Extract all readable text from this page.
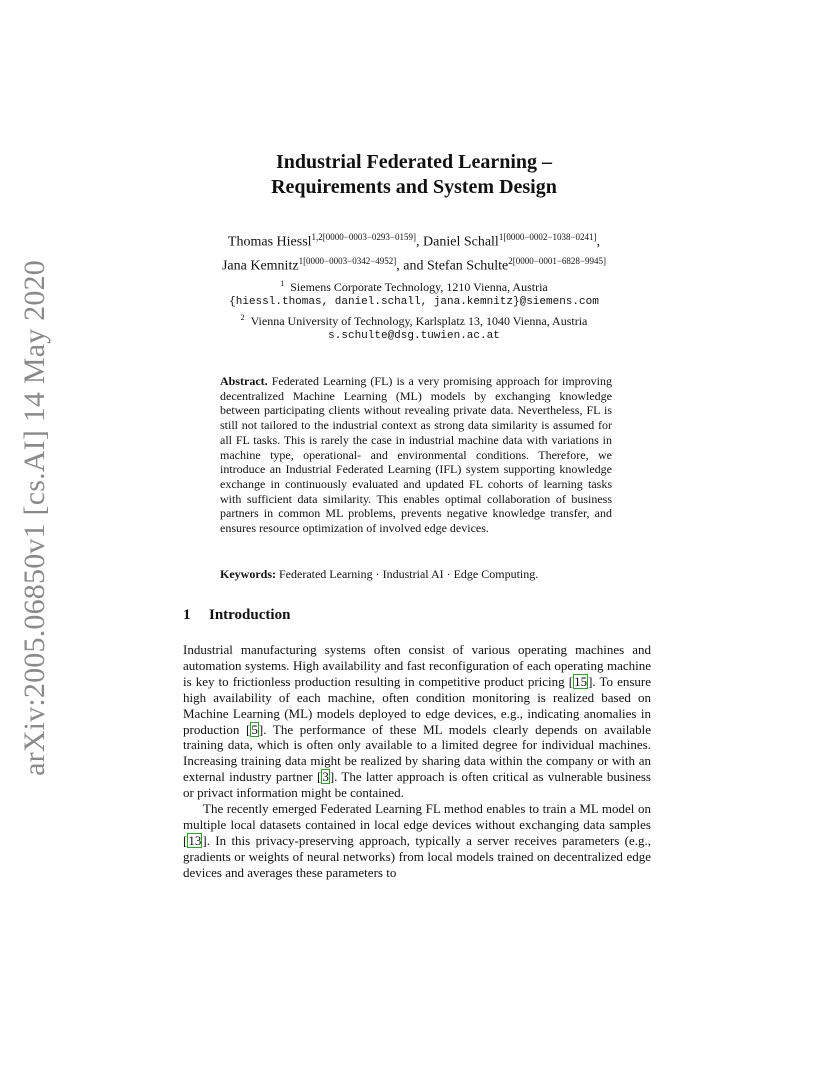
arXiv:2005.06850v1 [cs.AI] 14 May 2020
Industrial Federated Learning –
Requirements and System Design
Thomas Hiessl$^{1,2[0000-0003-0293-0159]}$, Daniel Schall$^{1[0000-0002-1038-0241]}$,
Jana Kemnitz$^{1[0000-0003-0342-4952]}$, and Stefan Schulte$^{2[0000-0001-6828-9945]}$
$^1$ Siemens Corporate Technology, 1210 Vienna, Austria
{hiessl.thomas, daniel.schall, jana.kemnitz}@siemens.com
$^2$ Vienna University of Technology, Karlsplatz 13, 1040 Vienna, Austria
s.schulte@dsg.tuwien.ac.at
Abstract. Federated Learning (FL) is a very promising approach for improving decentralized Machine Learning (ML) models by exchanging knowledge between participating clients without revealing private data. Nevertheless, FL is still not tailored to the industrial context as strong data similarity is assumed for all FL tasks. This is rarely the case in industrial machine data with variations in machine type, operational- and environmental conditions. Therefore, we introduce an Industrial Federated Learning (IFL) system supporting knowledge exchange in continuously evaluated and updated FL cohorts of learning tasks with sufficient data similarity. This enables optimal collaboration of business partners in common ML problems, prevents negative knowledge transfer, and ensures resource optimization of involved edge devices.
Keywords: Federated Learning · Industrial AI · Edge Computing.
1 Introduction

Industrial manufacturing systems often consist of various operating machines and automation systems. High availability and fast reconfiguration of each operating machine is key to frictionless production resulting in competitive product pricing [15]. To ensure high availability of each machine, often condition monitoring is realized based on Machine Learning (ML) models deployed to edge devices, e.g., indicating anomalies in production [5]. The performance of these ML models clearly depends on available training data, which is often only available to a limited degree for individual machines. Increasing training data might be realized by sharing data within the company or with an external industry partner [3]. The latter approach is often critical as vulnerable business or privact information might be contained.

The recently emerged Federated Learning FL method enables to train a ML model on multiple local datasets contained in local edge devices without exchanging data samples [13]. In this privacy-preserving approach, typically a server receives parameters (e.g., gradients or weights of neural networks) from local models trained on decentralized edge devices and averages these parameters to
